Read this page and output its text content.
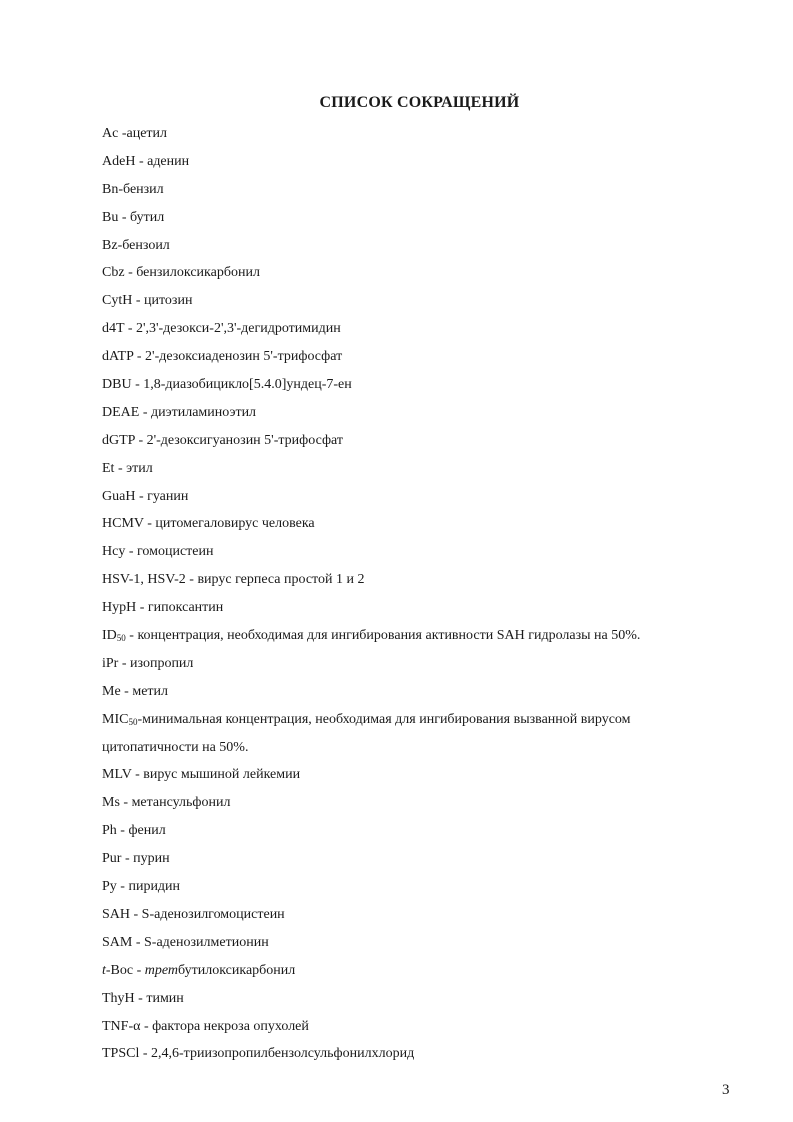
СПИСОК СОКРАЩЕНИЙ
Ac -ацетил
AdeH - аденин
Bn-бензил
Bu - бутил
Bz-бензоил
Cbz - бензилоксикарбонил
CytH - цитозин
d4T - 2',3'-дезокси-2',3'-дегидротимидин
dATP - 2'-дезоксиаденозин 5'-трифосфат
DBU - 1,8-диазобицикло[5.4.0]ундец-7-ен
DEAE - диэтиламиноэтил
dGTP - 2'-дезоксигуанозин 5'-трифосфат
Et - этил
GuaH - гуанин
HCMV - цитомегаловирус человека
Hcy - гомоцистеин
HSV-1, HSV-2 - вирус герпеса простой 1 и 2
HypH - гипоксантин
$ID_{50}$ - концентрация, необходимая для ингибирования активности SAH гидролазы на 50%.
iPr - изопропил
Me - метил
$MIC_{50}$-минимальная концентрация, необходимая для ингибирования вызванной вирусом
цитопатичности на 50%.
MLV - вирус мышиной лейкемии
Ms - метансульфонил
Ph - фенил
Pur - пурин
Py - пиридин
SAH - S-аденозилгомоцистеин
SAM - S-аденозилметионин
t-Boc - третбутилоксикарбонил
ThyH - тимин
TNF-α - фактора некроза опухолей
TPSCl - 2,4,6-триизопропилбензолсульфонилхлорид
3
